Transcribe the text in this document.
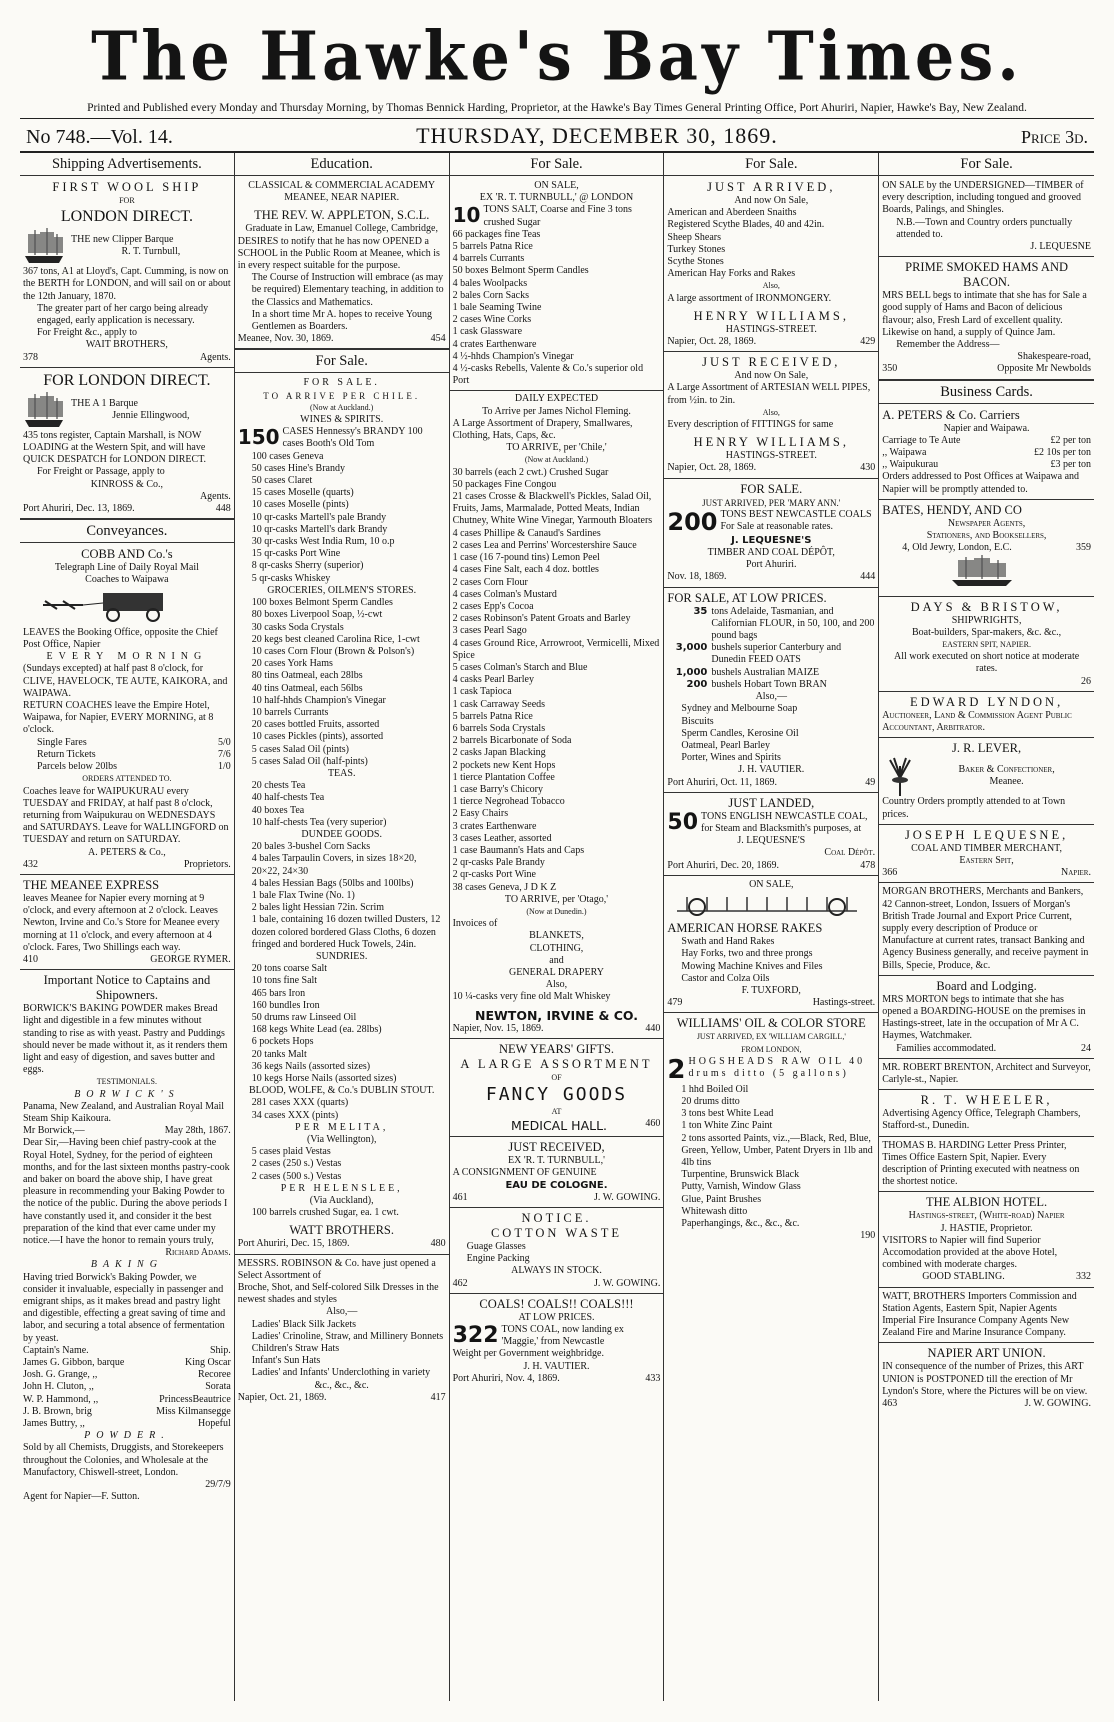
The Hawke's Bay Times.
Printed and Published every Monday and Thursday Morning, by Thomas Bennick Harding, Proprietor, at the Hawke's Bay Times General Printing Office, Port Ahuriri, Napier, Hawke's Bay, New Zealand.
No 748.—Vol. 14.	THURSDAY, DECEMBER 30, 1869.	Price 3d.
Shipping Advertisements.
FIRST WOOL SHIP
FOR
LONDON DIRECT.
THE new Clipper Barque
R. T. Turnbull,
367 tons, A1 at Lloyd's, Capt. Cumming, is now on the BERTH for LONDON, and will sail on or about the 12th January, 1870.
The greater part of her cargo being already engaged, early application is necessary.
For Freight &c., apply to
WAIT BROTHERS,
378	Agents.
FOR LONDON DIRECT.
THE A 1 Barque
Jennie Ellingwood,
435 tons register, Captain Marshall, is NOW LOADING at the Western Spit, and will have QUICK DESPATCH for LONDON DIRECT.
For Freight or Passage, apply to
KINROSS & Co.,
Agents.
Port Ahuriri, Dec. 13, 1869.	448
Conveyances.
COBB AND Co.'s
Telegraph Line of Daily Royal Mail
Coaches to Waipawa
LEAVES the Booking Office, opposite the Chief Post Office, Napier
EVERY MORNING
(Sundays excepted) at half past 8 o'clock, for CLIVE, HAVELOCK, TE AUTE, KAIKORA, and WAIPAWA.
RETURN COACHES leave the Empire Hotel, Waipawa, for Napier, EVERY MORNING, at 8 o'clock.
Single Fares	5/0
Return Tickets	7/6
Parcels below 20lbs	1/0
ORDERS ATTENDED TO.
Coaches leave for WAIPUKURAU every TUESDAY and FRIDAY, at half past 8 o'clock, returning from Waipukurau on WEDNESDAYS and SATURDAYS. Leave for WALLINGFORD on TUESDAY and return on SATURDAY.
A. PETERS & Co.,
432	Proprietors.
THE MEANEE EXPRESS
leaves Meanee for Napier every morning at 9 o'clock, and every afternoon at 2 o'clock. Leaves Newton, Irvine and Co.'s Store for Meanee every morning at 11 o'clock, and every afternoon at 4 o'clock. Fares, Two Shillings each way.
410	GEORGE RYMER.
Important Notice to Captains and Shipowners.
BORWICK'S BAKING POWDER makes Bread light and digestible in a few minutes without standing to rise as with yeast. Pastry and Puddings should never be made without it, as it renders them light and easy of digestion, and saves butter and eggs.
TESTIMONIALS.
BORWICK'S
Panama, New Zealand, and Australian Royal Mail Steam Ship Kaikoura.
Mr Borwick,—	May 28th, 1867.
Dear Sir,—Having been chief pastry-cook at the Royal Hotel, Sydney, for the period of eighteen months, and for the last sixteen months pastry-cook and baker on board the above ship, I have great pleasure in recommending your Baking Powder to the notice of the public. During the above periods I have constantly used it, and consider it the best preparation of the kind that ever came under my notice.—I have the honor to remain yours truly,
Richard Adams.
BAKING
Having tried Borwick's Baking Powder, we consider it invaluable, especially in passenger and emigrant ships, as it makes bread and pastry light and digestible, effecting a great saving of time and labor, and securing a total absence of fermentation by yeast.
Captain's Name.	Ship.
James G. Gibbon, barque	King Oscar
Josh. G. Grange, ,,	Recoree
John H. Cluton, ,,	Sorata
W. P. Hammond, ,,	PrincessBeautrice
J. B. Brown, brig	Miss Kilmansegge
James Buttry, ,,	Hopeful
POWDER.
Sold by all Chemists, Druggists, and Storekeepers throughout the Colonies, and Wholesale at the Manufactory, Chiswell-street, London.
29/7/9
Agent for Napier—F. Sutton.
Education.
CLASSICAL & COMMERCIAL ACADEMY
MEANEE, NEAR NAPIER.
THE REV. W. APPLETON, S.C.L.
Graduate in Law, Emanuel College, Cambridge,
DESIRES to notify that he has now OPENED a SCHOOL in the Public Room at Meanee, which is in every respect suitable for the purpose.
The Course of Instruction will embrace (as may be required) Elementary teaching, in addition to the Classics and Mathematics.
In a short time Mr A. hopes to receive Young Gentlemen as Boarders.
Meanee, Nov. 30, 1869.	454
For Sale.
FOR SALE.
TO ARRIVE PER CHILE.
(Now at Auckland.)
WINES & SPIRITS.
150 CASES Hennessy's BRANDY 100 cases Booth's Old Tom
100 cases Geneva
50 cases Hine's Brandy
50 cases Claret
15 cases Moselle (quarts)
10 cases Moselle (pints)
10 qr-casks Martell's pale Brandy
10 qr-casks Martell's dark Brandy
30 qr-casks West India Rum, 10 o.p
15 qr-casks Port Wine
8 qr-casks Sherry (superior)
5 qr-casks Whiskey
GROCERIES, OILMEN'S STORES.
100 boxes Belmont Sperm Candles
80 boxes Liverpool Soap, ½-cwt
30 casks Soda Crystals
20 kegs best cleaned Carolina Rice, 1-cwt
10 cases Corn Flour (Brown & Polson's)
20 cases York Hams
80 tins Oatmeal, each 28lbs
40 tins Oatmeal, each 56lbs
10 half-hhds Champion's Vinegar
10 barrels Currants
20 cases bottled Fruits, assorted
10 cases Pickles (pints), assorted
5 cases Salad Oil (pints)
5 cases Salad Oil (half-pints)
TEAS.
20 chests Tea
40 half-chests Tea
40 boxes Tea
10 half-chests Tea (very superior)
DUNDEE GOODS.
20 bales 3-bushel Corn Sacks
4 bales Tarpaulin Covers, in sizes 18×20, 20×22, 24×30
4 bales Hessian Bags (50lbs and 100lbs)
1 bale Flax Twine (No. 1)
2 bales light Hessian 72in. Scrim
1 bale, containing 16 dozen twilled Dusters, 12 dozen colored bordered Glass Cloths, 6 dozen fringed and bordered Huck Towels, 24in.
SUNDRIES.
20 tons coarse Salt
10 tons fine Salt
465 bars Iron
160 bundles Iron
50 drums raw Linseed Oil
168 kegs White Lead (ea. 28lbs)
6 pockets Hops
20 tanks Malt
36 kegs Nails (assorted sizes)
10 kegs Horse Nails (assorted sizes)
BLOOD, WOLFE, & Co.'s DUBLIN STOUT.
281 cases XXX (quarts)
34 cases XXX (pints)
PER MELITA,
(Via Wellington),
5 cases plaid Vestas
2 cases (250 s.) Vestas
2 cases (500 s.) Vestas
PER HELENSLEE,
(Via Auckland),
100 barrels crushed Sugar, ea. 1 cwt.
WATT BROTHERS.
Port Ahuriri, Dec. 15, 1869.	480
MESSRS. ROBINSON & Co. have just opened a Select Assortment of
Broche, Shot, and Self-colored Silk Dresses in the newest shades and styles
Also,—
Ladies' Black Silk Jackets
Ladies' Crinoline, Straw, and Millinery Bonnets
Children's Straw Hats
Infant's Sun Hats
Ladies' and Infants' Underclothing in variety
&c., &c., &c.
Napier, Oct. 21, 1869.	417
For Sale.
ON SALE,
EX 'R. T. TURNBULL,' @ LONDON
10 TONS SALT, Coarse and Fine 3 tons crushed Sugar
66 packages fine Teas
5 barrels Patna Rice
4 barrels Currants
50 boxes Belmont Sperm Candles
4 bales Woolpacks
2 bales Corn Sacks
1 bale Seaming Twine
2 cases Wine Corks
1 cask Glassware
4 crates Earthenware
4 ½-hhds Champion's Vinegar
4 ½-casks Rebells, Valente & Co.'s superior old Port
DAILY EXPECTED
To Arrive per James Nichol Fleming.
A Large Assortment of Drapery, Smallwares, Clothing, Hats, Caps, &c.
TO ARRIVE, per 'Chile,'
(Now at Auckland.)
30 barrels (each 2 cwt.) Crushed Sugar
50 packages Fine Congou
21 cases Crosse & Blackwell's Pickles, Salad Oil, Fruits, Jams, Marmalade, Potted Meats, Indian Chutney, White Wine Vinegar, Yarmouth Bloaters
4 cases Phillipe & Canaud's Sardines
2 cases Lea and Perrins' Worcestershire Sauce
1 case (16 7-pound tins) Lemon Peel
4 cases Fine Salt, each 4 doz. bottles
2 cases Corn Flour
4 cases Colman's Mustard
2 cases Epp's Cocoa
2 cases Robinson's Patent Groats and Barley
3 cases Pearl Sago
4 cases Ground Rice, Arrowroot, Vermicelli, Mixed Spice
5 cases Colman's Starch and Blue
4 casks Pearl Barley
1 cask Tapioca
1 cask Carraway Seeds
5 barrels Patna Rice
6 barrels Soda Crystals
2 barrels Bicarbonate of Soda
2 casks Japan Blacking
2 pockets new Kent Hops
1 tierce Plantation Coffee
1 case Barry's Chicory
1 tierce Negrohead Tobacco
2 Easy Chairs
3 crates Earthenware
3 cases Leather, assorted
1 case Baumann's Hats and Caps
2 qr-casks Pale Brandy
2 qr-casks Port Wine
38 cases Geneva, J D K Z
TO ARRIVE, per 'Otago,'
(Now at Dunedin.)
Invoices of
BLANKETS,
CLOTHING,
and
GENERAL DRAPERY
Also,
10 ¼-casks very fine old Malt Whiskey
NEWTON, IRVINE & CO.
Napier, Nov. 15, 1869.	440
NEW YEARS' GIFTS.
A LARGE ASSORTMENT
OF
FANCY GOODS
AT
MEDICAL HALL.	460
JUST RECEIVED,
EX 'R. T. TURNBULL,'
A CONSIGNMENT OF GENUINE
EAU DE COLOGNE.
461	J. W. GOWING.
NOTICE.
COTTON WASTE
Guage Glasses
Engine Packing
ALWAYS IN STOCK.
462	J. W. GOWING.
COALS! COALS!! COALS!!!
AT LOW PRICES.
322 TONS COAL, now landing ex 'Maggie,' from Newcastle
Weight per Government weighbridge.
J. H. VAUTIER.
Port Ahuriri, Nov. 4, 1869.	433
For Sale.
JUST ARRIVED,
And now On Sale,
American and Aberdeen Snaiths
Registered Scythe Blades, 40 and 42in.
Sheep Shears
Turkey Stones
Scythe Stones
American Hay Forks and Rakes
Also,
A large assortment of IRONMONGERY.
HENRY WILLIAMS,
HASTINGS-STREET.
Napier, Oct. 28, 1869.	429
JUST RECEIVED,
And now On Sale,
A Large Assortment of ARTESIAN WELL PIPES, from ½in. to 2in.
Also,
Every description of FITTINGS for same
HENRY WILLIAMS,
HASTINGS-STREET.
Napier, Oct. 28, 1869.	430
FOR SALE.
JUST ARRIVED, PER 'MARY ANN.'
200 TONS BEST NEWCASTLE COALS For Sale at reasonable rates.
J. LEQUESNE'S
TIMBER AND COAL DÉPÔT,
Port Ahuriri.
Nov. 18, 1869.	444
FOR SALE, AT LOW PRICES.
35 tons Adelaide, Tasmanian, and Californian FLOUR, in 50, 100, and 200 pound bags
3,000 bushels superior Canterbury and Dunedin FEED OATS
1,000 bushels Australian MAIZE
200 bushels Hobart Town BRAN
Also,—
Sydney and Melbourne Soap
Biscuits
Sperm Candles, Kerosine Oil
Oatmeal, Pearl Barley
Porter, Wines and Spirits
J. H. VAUTIER.
Port Ahuriri, Oct. 11, 1869.	49
JUST LANDED,
50 TONS ENGLISH NEWCASTLE COAL, for Steam and Blacksmith's purposes, at
J. LEQUESNE'S
Coal Dépôt.
Port Ahuriri, Dec. 20, 1869.	478
ON SALE,
AMERICAN HORSE RAKES
Swath and Hand Rakes
Hay Forks, two and three prongs
Mowing Machine Knives and Files
Castor and Colza Oils
F. TUXFORD,
479	Hastings-street.
WILLIAMS' OIL & COLOR STORE
JUST ARRIVED, EX 'WILLIAM CARGILL,'
FROM LONDON,
2 HOGSHEADS RAW OIL 40 drums ditto (5 gallons)
1 hhd Boiled Oil
20 drums ditto
3 tons best White Lead
1 ton White Zinc Paint
2 tons assorted Paints, viz.,—Black, Red, Blue, Green, Yellow, Umber, Patent Dryers in 1lb and 4lb tins
Turpentine, Brunswick Black
Putty, Varnish, Window Glass
Glue, Paint Brushes
Whitewash ditto
Paperhangings, &c., &c., &c.
190
For Sale.
ON SALE by the UNDERSIGNED—TIMBER of every description, including tongued and grooved Boards, Palings, and Shingles.
N.B.—Town and Country orders punctually attended to.
J. LEQUESNE
PRIME SMOKED HAMS AND BACON.
MRS BELL begs to intimate that she has for Sale a good supply of Hams and Bacon of delicious flavour; also, Fresh Lard of excellent quality. Likewise on hand, a supply of Quince Jam.
Remember the Address—
Shakespeare-road,
350	Opposite Mr Newbolds
Business Cards.
A. PETERS & Co. Carriers
Napier and Waipawa.
Carriage to Te Aute	£2 per ton
,, Waipawa	£2 10s per ton
,, Waipukurau	£3 per ton
Orders addressed to Post Offices at Waipawa and Napier will be promptly attended to.
BATES, HENDY, AND CO
Newspaper Agents,
Stationers, and Booksellers,
4, Old Jewry, London, E.C.	359
DAYS & BRISTOW,
SHIPWRIGHTS,
Boat-builders, Spar-makers, &c. &c.,
EASTERN SPIT, NAPIER.
All work executed on short notice at moderate rates.
26
EDWARD LYNDON,
Auctioneer, Land & Commission Agent Public Accountant, Arbitrator.
J. R. LEVER,
Baker & Confectioner,
Meanee.
Country Orders promptly attended to at Town prices.
JOSEPH LEQUESNE,
COAL AND TIMBER MERCHANT,
Eastern Spit,
366	Napier.
MORGAN BROTHERS, Merchants and Bankers, 42 Cannon-street, London, Issuers of Morgan's British Trade Journal and Export Price Current, supply every description of Produce or Manufacture at current rates, transact Banking and Agency Business generally, and receive payment in Bills, Specie, Produce, &c.
Board and Lodging.
MRS MORTON begs to intimate that she has opened a BOARDING-HOUSE on the premises in Hastings-street, late in the occupation of Mr A C. Haymes, Watchmaker.
Families accommodated.	24
MR. ROBERT BRENTON, Architect and Surveyor, Carlyle-st., Napier.
R. T. WHEELER,
Advertising Agency Office, Telegraph Chambers, Stafford-st., Dunedin.
THOMAS B. HARDING Letter Press Printer, Times Office Eastern Spit, Napier. Every description of Printing executed with neatness on the shortest notice.
THE ALBION HOTEL.
Hastings-street, (White-road) Napier
J. HASTIE, Proprietor.
VISITORS to Napier will find Superior Accomodation provided at the above Hotel, combined with moderate charges.
GOOD STABLING.	332
WATT, BROTHERS Importers Commission and Station Agents, Eastern Spit, Napier Agents Imperial Fire Insurance Company Agents New Zealand Fire and Marine Insurance Company.
NAPIER ART UNION.
IN consequence of the number of Prizes, this ART UNION is POSTPONED till the erection of Mr Lyndon's Store, where the Pictures will be on view.
463	J. W. GOWING.
